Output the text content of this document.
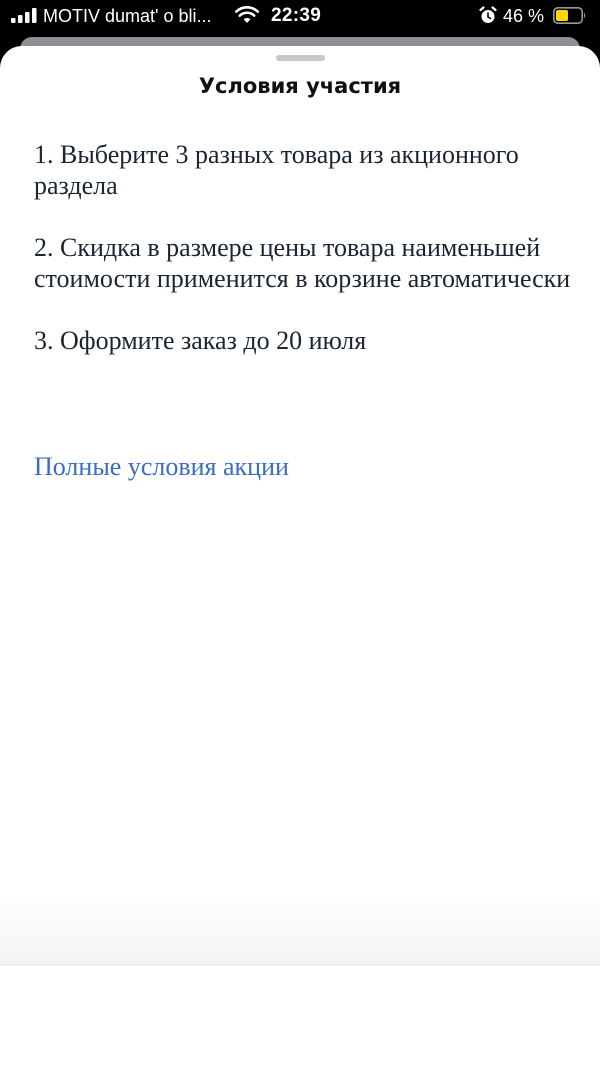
MOTIV dumat' o bli...	22:39	46 %
Условия участия
1. Выберите 3 разных товара из акционного раздела
2. Скидка в размере цены товара наименьшей стоимости применится в корзине автоматически
3. Оформите заказ до 20 июля
Полные условия акции
